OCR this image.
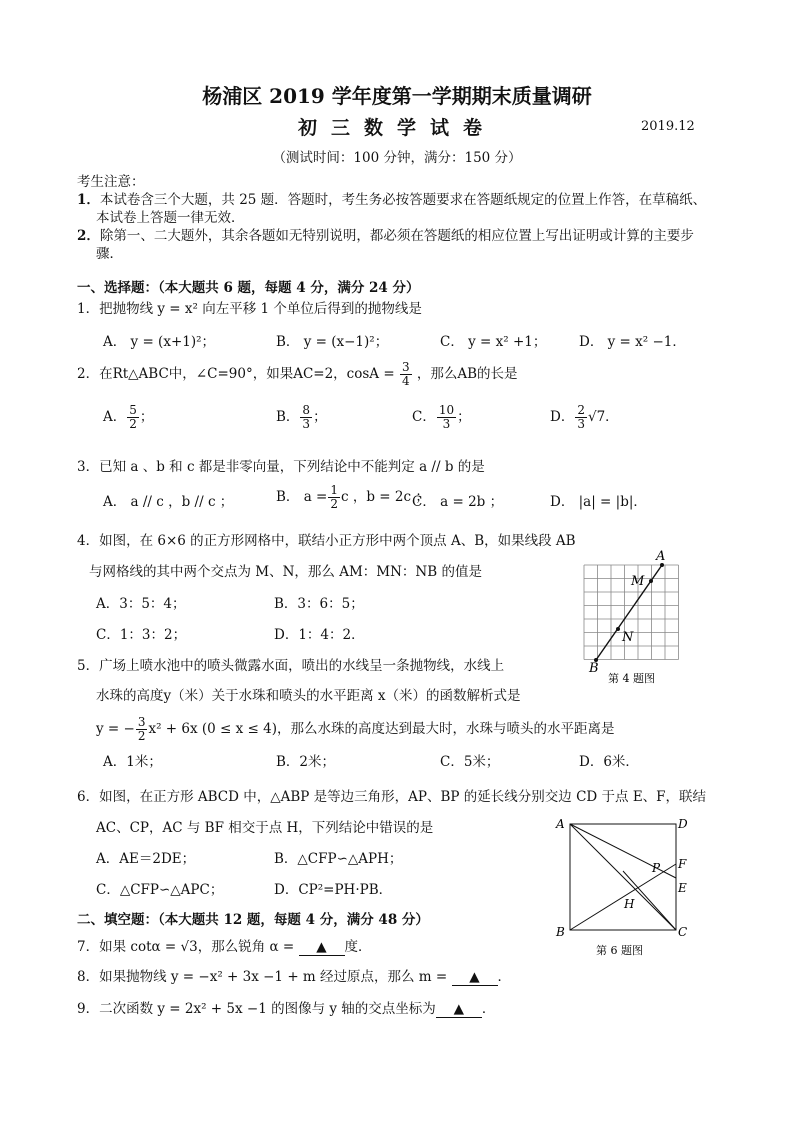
杨浦区 2019 学年度第一学期期末质量调研
初三数学试卷	2019.12
（测试时间：100 分钟，满分：150 分）
考生注意：
1．本试卷含三个大题，共 25 题．答题时，考生务必按答题要求在答题纸规定的位置上作答，在草稿纸、
本试卷上答题一律无效．
2．除第一、二大题外，其余各题如无特别说明，都必须在答题纸的相应位置上写出证明或计算的主要步
骤．
一、选择题：（本大题共 6 题，每题 4 分，满分 24 分）
1．把抛物线 y = x² 向左平移 1 个单位后得到的抛物线是
A． y = (x+1)²；	B． y = (x−1)²；	C． y = x² +1； D． y = x² −1．
2．在Rt△ABC中，∠C=90°，如果AC=2，$\cos A = \frac{3}{4}$ ，那么AB的长是
A． $\frac{5}{2}$ ；	B． $\frac{8}{3}$ ；	C． $\frac{10}{3}$ ；	D． $\frac{2}{3} √7$．
3．已知 a 、b 和 c 都是非零向量，下列结论中不能判定 a // b 的是
A． a // c ，b // c ；	B． $a = \frac{1}{2}$ c ，b = 2c ；
C． a = 2b ；	D． |a| = |b|．
4．如图，在 6×6 的正方形网格中，联结小正方形中两个顶点 A、B，如果线段 AB
与网格线的其中两个交点为 M、N，那么 AM：MN：NB 的值是
A．3：5：4；	B．3：6：5；
C．1：3：2；	D．1：4：2．
A
M
N
B
第 4 题图
5．广场上喷水池中的喷头微露水面，喷出的水线呈一条抛物线，水线上
水珠的高度y（米）关于水珠和喷头的水平距离 x（米）的函数解析式是
y = − $\frac{3}{2} x^2 + 6x$ (0 ≤ x ≤ 4)，那么水珠的高度达到最大时，水珠与喷头的水平距离是
A．1米；	B．2米；	C．5米；	D．6米．
6．如图，在正方形 ABCD 中，△ABP 是等边三角形，AP、BP 的延长线分别交边 CD 于点 E、F，联结
AC、CP，AC 与 BF 相交于点 H，下列结论中错误的是
A．AE＝2DE；	B．△CFP∽△APH；
C．△CFP∽△APC；	D．CP²=PH·PB．
A	D
B	C
P F
E
H
第 6 题图
二、填空题：（本大题共 12 题，每题 4 分，满分 48 分）
7．如果 cotα = √3，那么锐角 α = ▲ 度．
8．如果抛物线 y = −x² + 3x −1 + m 经过原点，那么 m = ▲ ．
9．二次函数 y = 2x² + 5x −1 的图像与 y 轴的交点坐标为 ▲ ．
